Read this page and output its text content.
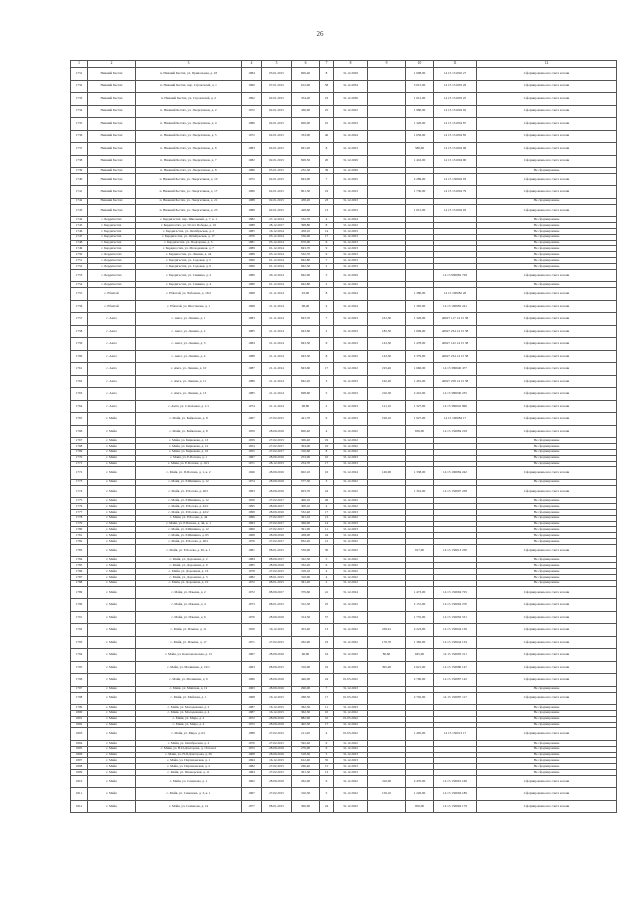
26
1	2	3	4	5	6	7	8	9	10	11	12
1731	Нижний Бестях	п. Нижний Бестях, ул. Привольная, д. 18	1984	03.01.2015	600,40	8	31.12.2029		1 608,00	14 15 131002 27	Сформированы все счета и пени
1732	Нижний Бестях	п. Нижний Бестях, пер. Строителей, д. 1	1990	07.01.2015	612,00	58	31.12.2034		3 615,00	14 15 131003 29	Сформированы все счета и пени
1733	Нижний Бестях	п. Нижний Бестях, ул. Строителей, д. 2	1992	02.01.2015	354,20	19	31.12.2036		1 612,00	14 15 131003 25	Сформированы все счета и пени
1734	Нижний Бестях	п. Нижний Бестях, ул. Энергетиков, д. 2	1972	02.01.2015	436,90	25	31.12.2022		1 980,00	14 15 131004 02	Сформированы все счета и пени
1735	Нижний Бестях	п. Нижний Бестях, ул. Энергетиков, д. 4	1986	02.01.2015	600,00	10	31.12.2023		1 326,00	14 15 131004 87	Сформированы все счета и пени
1736	Нижний Бестях	п. Нижний Бестях, ул. Энергетиков, д. 5	1972	02.01.2015	333,00	46	31.12.2024		1 656,00	14 15 131004 85	Сформированы все счета и пени
1737	Нижний Бестях	п. Нижний Бестях, ул. Энергетиков, д. 6	1983	02.01.2015	691,20	8	31.12.2023		586,00	14 15 131004 06	Сформированы все счета и пени
1738	Нижний Бестях	п. Нижний Бестях, ул. Энергетиков, д. 7	1982	02.01.2015	828,50	20	31.12.2029		1 416,00	14 15 131004 90	Сформированы все счета и пени
1739	Нижний Бестях	п. Нижний Бестях, ул. Энергетиков, д. 8	1986	05.01.2015	232,30	39	31.12.2026				Не сформированы
1740	Нижний Бестях	п. Нижний Бестях, ул. Энергетиков, д. 10	1972	02.01.2015	843,00	7	31.12.2025		2 289,00	14 15 150904 93	Сформированы все счета и пени
1741	Нижний Бестях	п. Нижний Бестях, ул. Энергетиков, д. 17	1996	02.01.2015	801,30	19	31.12.2023		1 730,00	14 15 131004 79	Сформированы все счета и пени
1742	Нижний Бестях	п. Нижний Бестях, ул. Энергетиков, д. 21	1988	02.01.2015	458,20	23	31.12.2023				Не сформированы
1743	Нижний Бестях	п. Нижний Бестях, ул. Энергетиков, д. 23	1988	02.01.2015	428,60	13	31.12.2023		1 615,00	14 15 131004 93	Сформированы все счета и пени
1744	с. Бердигестях	с. Бердигестях, пер. Школьный, д. 7, к. 1	1982	27.12.2014	532,70	4	31.12.2024				Не сформированы
1745	г. Бердигестях	г. Бердигестях, ул. 50 лет Победы, д. 16	1988	28.12.2017	398,80	8	31.12.2022				Не сформированы
1746	г. Бердигестях	с. Бердигестях, ул. Октябрьская, д. 2	1985	16.12.2014	458,10	14	31.12.2023				Не сформированы
1747	г. Бердигестях	г. Бердигестях, ул. Октябрьская, д. 17	1970	03.12.2014	536,00	17	31.12.2023				Не сформированы
1748	г. Бердигестях	г. Бердигестях, ул. Подгорная, д. 3	1981	05.12.2014	670,00	6	31.12.2023				Не сформированы
1749	г. Бердигестях	г. Бердигестях, ул. Молодежная, д. 7	1989	01.12.2014	843,70	9	31.12.2023				Не сформированы
1750	с. Бердигестях	с. Бердигестях, ул. Ленина, д. 24	1988	03.12.2014	532,70	9	31.12.2023				Не сформированы
1751	с. Бердигестях	с. Бердигестях, ул. Садовая, д. 5	1990	01.12.2014	842,80	7	31.12.2023				Не сформированы
1752	с. Бердигестях	с. Бердигестях, ул. Садовая, д. 9	1990	01.12.2014	842,50	2	31.12.2023				Не сформированы
1753	с. Бердигестях	с. Бердигестях, ул. Саввина, д. 2	1989	29.12.2014	842,00	5	31.12.2029			14 15 990082 728	Сформированы все счета и пени
1754	с. Бердигестях	с. Бердигестях, ул. Саввина, д. 4	1980	01.12.2014	642,80	2	31.12.2022				Не сформированы
1755	с. Ебяхтай	с. Ебяхтай, ул. Чабанова, д. 16/2	1968	21.11.2014	93,00	8	31.12.2024		1 380,00	14 15 190082 26	Сформированы все счета и пени
1756	с. Ебяхтай	с. Ебяхтай, ул. Шестакова, д. 1	1968	21.11.2014	98,40	4	31.12.2024		1 395,00	14 15 190082 241	Сформированы все счета и пени
1757	с. Амга	с. Амга, ул. Ленина, д. 1	1983	21.11.2014	843,70	7	31.12.2023	161,30	1 326,00	40627 117 14 15 38	Сформированы все счета и пени
1758	с. Амга	с. Амга, ул. Ленина, д. 2	1985	21.11.2014	943,60	2	31.12.2023	185,50	1 609,00	40627 234 14 15 38	Сформированы все счета и пени
1759	с. Амга	с. Амга, ул. Ленина, д. 3	1984	21.11.2014	843,50	6	31.12.2023	143,30	1 478,00	40627 122 14 15 38	Сформированы все счета и пени
1760	с. Амга	с. Амга, ул. Ленина, д. 4	1988	21.11.2014	943,30	8	31.12.2022	143,30	2 379,00	40627 234 14 15 38	Сформированы все счета и пени
1761	с. Амга	с. Амга, ул. Ленина, д. 10	1987	21.11.2014	843,60	17	31.12.2022	193,40	1 660,00	14 15 380040 477	Сформированы все счета и пени
1762	с. Амга	с. Амга, ул. Ленина, д. 11	1986	21.11.2014	842,20	3	31.12.2023	162,20	1 491,00	40627 258 14 15 38	Сформированы все счета и пени
1763	с. Амга	с. Амга, ул. Ленина, д. 13	1985	21.11.2014	698,60	5	31.12.2023	216,30	2 416,00	14 15 380040 235	Сформированы все счета и пени
1764	с. Амга	с. Амга, ул. С.Каланов, д. 1/1	1974	21.11.2014	98,80	2	31.12.2023	121,10	1 327,00	14 15 380042 866	Сформированы все счета и пени
1765	г. Майя	с. Майя, ул. Байкалова, д. 8	1967	27.02.2015	421,70	9	31.12.2023	199,10	1 927,00	14 15 190084 17	Сформированы все счета и пени
1766	г. Майя	с. Майя, ул. Байкалова, д. 8	1959	28.09.2016	600,40	4	31.12.2022		636,00	14 15 150084 218	Сформированы все счета и пени
1767	г. Майя	с. Майя, ул. Бирюкова, д. 13	1959	27.02.2015	306,40	19	31.12.2022				Не сформированы
1768	г. Майя	с. Майя, ул. Бирюкова, д. 12	1954	27.02.2017	304,00	10	31.12.2022				Не сформированы
1769	г. Майя	с. Майя, ул. Бирюкова, д. 16	1955	27.02.2017	316,60	8	31.12.2022				Не сформированы
1770	г. Майя	с. Майя, ул. Е.Попова, д. 1	1967	28.09.2016	253,00	10	31.12.2023				Не сформированы
1771	г. Майя	с. Майя, ул. Е.Попова, д. 10/1	1971	28.12.2015	254,70	17	31.12.2023				Не сформированы
1772	г. Майя	с. Майя, ул. П.Попова, д. 1, к. 2	1946	28.09.2016	602,10	16	31.12.2024	149,00	1 338,00	14 15 190084 242	Сформированы все счета и пени
1773	г. Майя	с. Майя, ул. Р.Шишина, д. 12	1974	28.09.2016	577,50	3	31.12.2022				Не сформированы
1774	г. Майя	с. Майя, ул. Р.Лосева, д. 40/1	1993	28.09.2016	603,70	24	31.12.2022		1 316,00	14 15 150097 238	Сформированы все счета и пени
1775	г. Майя	с. Майя, ул. Р.Шишина, д. 12	1956	27.02.2017	406,10	26	31.12.2022				Не сформированы
1776	г. Майя	с. Майя, ул. Р.Лосева, д. 42/1	1995	28.09.2017	300,10	4	31.12.2022				Не сформированы
1777	г. Майя	с. Майя, ул. Р.Лосева, д. 42/2	1998	28.09.2016	532,40	17	31.12.2023				Не сформированы
1778	г. Майя	с. Майя, ул. Р.Лосева, д. 44	1996	27.02.2017	301,10	13	31.12.2022				Не сформированы
1779	г. Майя	с. Майя, ул. Р.Попова, д. 44, к. 1	1993	27.02.2017	366,00	14	31.12.2023				Не сформированы
1780	г. Майя	с. Майя, ул. Р.Шишина, д. 12	1960	27.02.2017	391,00	11	31.12.2023				Не сформированы
1781	г. Майя	с. Майя, ул. Р.Шишина, д. 65	1968	28.09.2016	438,00	24	31.12.2024				Не сформированы
1782	г. Майя	с. Майя, ул. Р.Лосева, д. 40/1	1976	27.02.2017	832,20	12	31.12.2022				Не сформированы
1783	г. Майя	с. Майя, ул. Р.Лосева, д. 65, к. 1	1981	08.01.2015	539,00	30	31.12.2022		917,00	14 15 150013 230	Сформированы все счета и пени
1784	г. Майя	с. Майя, ул. Дорожная, д. 2	1984	08.09.2017	322,30	5	31.12.2022				Не сформированы
1785	г. Майя	с. Майя, ул. Дорожная, д. 9	1985	28.09.2016	332,20	6	31.12.2022				Не сформированы
1786	г. Майя	с. Майя, ул. Дорожная, д. 16	1978	27.02.2015	318,10	4	31.12.2022				Не сформированы
1787	г. Майя	с. Майя, ул. Дорожная, д. 3	1982	08.01.2015	316,90	4	31.12.2022				Не сформированы
1788	г. Майя	с. Майя, ул. Дорожная, д. 10	1972	08.01.2015	361,20	2	31.12.2022				Не сформированы
1789	г. Майя	с. Майя, ул. Ильина, д. 2	1972	08.09.2017	379,60	41	31.12.2024		1 473,00	14 15 150094 725	Сформированы все счета и пени
1790	г. Майя	с. Майя, ул. Ильина, д. 4	1973	08.01.2015	312,50	25	31.12.2022		2 151,00	14 15 150094 270	Сформированы все счета и пени
1791	г. Майя	с. Майя, ул. Ильина, д. 6	1970	28.09.2016	314,56	57	31.12.2024		1 755,00	14 15 150094 531	Сформированы все счета и пени
1792	г. Майя	с. Майя, ул. Ильина, д. 11	1950	16.12.2015	453,40	13	31.12.2022	239,91	2 223,00	14 15 150044 136	Сформированы все счета и пени
1793	г. Майя	с. Майя, ул. Ильина, д. 17	1971	27.02.2015	262,90	19	31.12.2022	176,70	1 382,00	14 15 150044 134	Сформированы все счета и пени
1794	г. Майя	с. Майя, ул. Комсомольская, д. 15	1967	28.09.2016	66,90	16	31.12.2022	80,60	645,00	14 15 150085 211	Сформированы все счета и пени
1795	г. Майя	с. Майя, ул. Малинина, д. 19/1	1963	08.09.2015	316,90	19	31.12.2023	395,40	2 621,00	14 15 150086 147	Сформированы все счета и пени
1796	г. Майя	с. Майя, ул. Малинина, д. 6	1966	28.09.2016	446,00	24	01.05.2022		2 700,00	14 15 150087 142	Сформированы все счета и пени
1797	г. Майя	с. Майя, ул. Майская, д. 12	1963	28.09.2016	296,00	7	31.12.2023				Не сформированы
1798	г. Майя	с. Майя, ул. Майская, д. 1	1968	16.12.2015	268,50	17	01.05.2022		2 702,00	14 15 150087 117	Сформированы все счета и пени
1799	г. Майя	с. Майя, ул. Молодежная, д. 2	1987	16.12.2015	362,30	11	31.12.2023				Не сформированы
1800	г. Майя	с. Майя, ул. Молодежная, д. 4	1987	16.12.2015	362,30	10	31.12.2022				Не сформированы
1801	г. Майя	с. Майя, ул. Мира, д. 2	1972	28.09.2016	882,90	10	01.05.2022				Не сформированы
1802	г. Майя	с. Майя, ул. Мира, д. 4	1972	28.09.2016	402,50	17	31.12.2022				Не сформированы
1803	г. Майя	с. Майя, ул. Мира, д. 6/1	1988	27.02.2015	211,20	4	01.05.2022		1 405,00	14 15 150013 17	Сформированы все счета и пени
1804	г. Майя	с. Майя, ул. Октябрьская, д. 2	1970	27.02.2015	592,40	9	31.12.2022				Не сформированы
1805	г. Майя	с. Майя, ул. Н.П.Докторова, д. 16 пом.2	1972	28.09.2016	279,00	9	31.12.2022				Не сформированы
1806	г. Майя	с. Майя, ул. Н.П.Докторова, д. 26	1908	28.09.2016	518,30	5	31.12.2023				Не сформированы
1807	г. Майя	с. Майя, ул. Партизанская, д. 1	1964	16.12.2015	612,40	35	31.12.2023				Не сформированы
1808	г. Майя	с. Майя, ул. Партизанская, д. 2	1982	27.02.2015	266,40	15	31.12.2023				Не сформированы
1809	г. Майя	с. Майя, ул. Пионерская, д. 11	1984	27.02.2015	301,50	13	31.12.2023				Не сформированы
1810	г. Майя	с. Майя, ул. Семенова, д. 1	1962	28.09.2016	262,00	6	31.12.2022	316,00	2 470,00	14 15 150091 166	Сформированы все счета и пени
1811	г. Майя	с. Майя, ул. Семенова, д. 3, к. 1	1967	27.02.2015	316,30	5	31.12.2022	156,10	1 226,00	14 15 150094 186	Сформированы все счета и пени
1812	г. Майя	с. Майя, ул. Семенова, д. 14	1977	08.01.2015	300,00	24	31.12.2022		950,00	14 15 150094 179	Сформированы все счета и пени
